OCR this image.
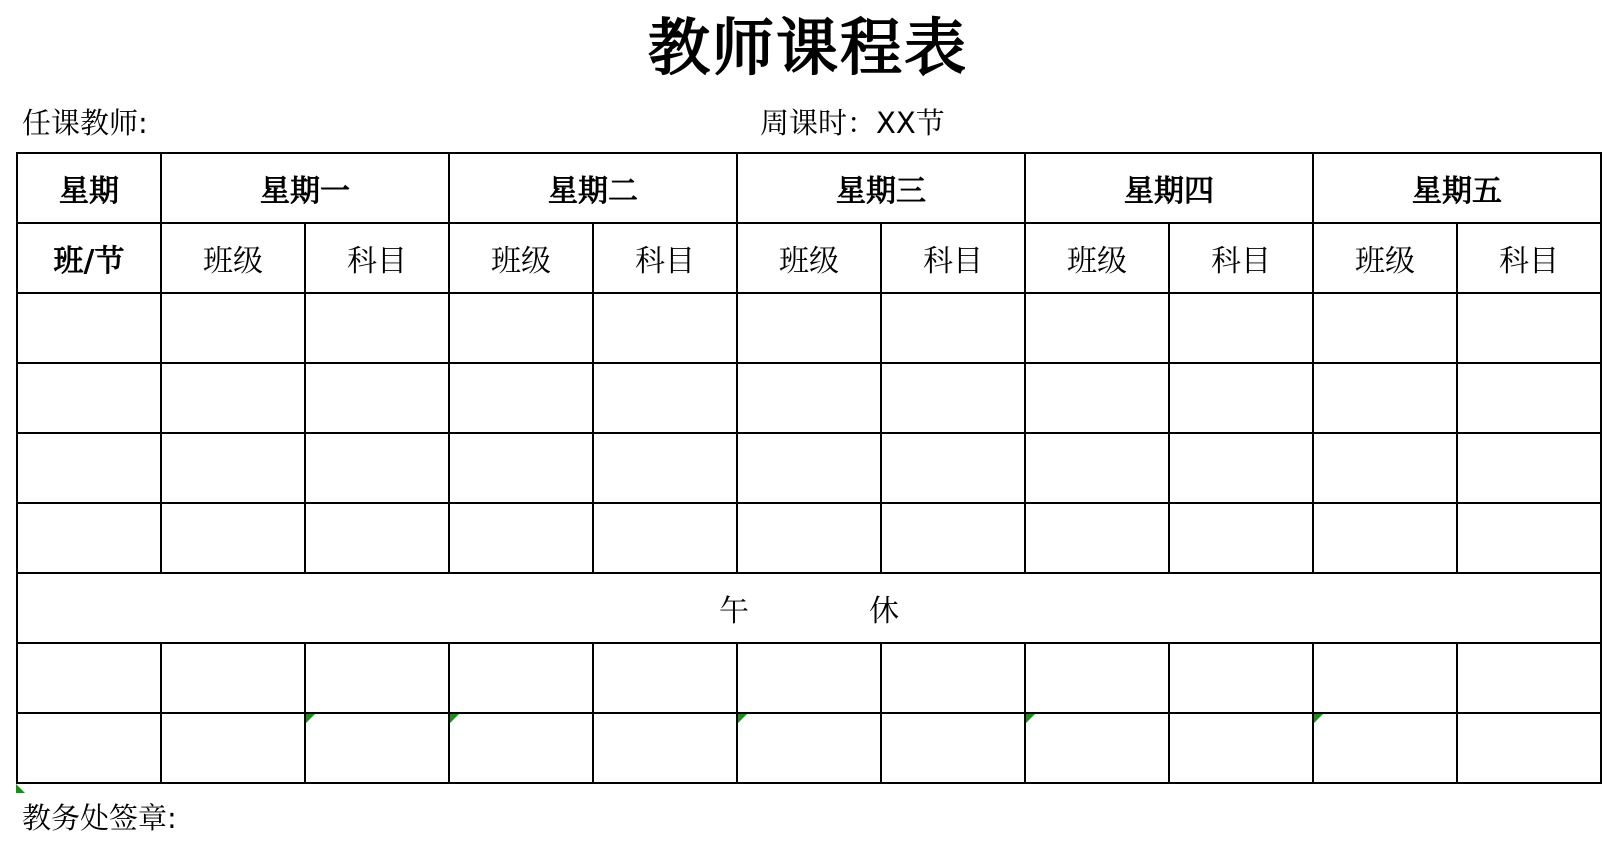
教师课程表
任课教师:	周课时：XX节
星期	星期一		星期二		星期三		星期四		星期五	
班/节	班级	科目	班级	科目	班级	科目	班级	科目	班级	科目

午 休										

教务处签章:
